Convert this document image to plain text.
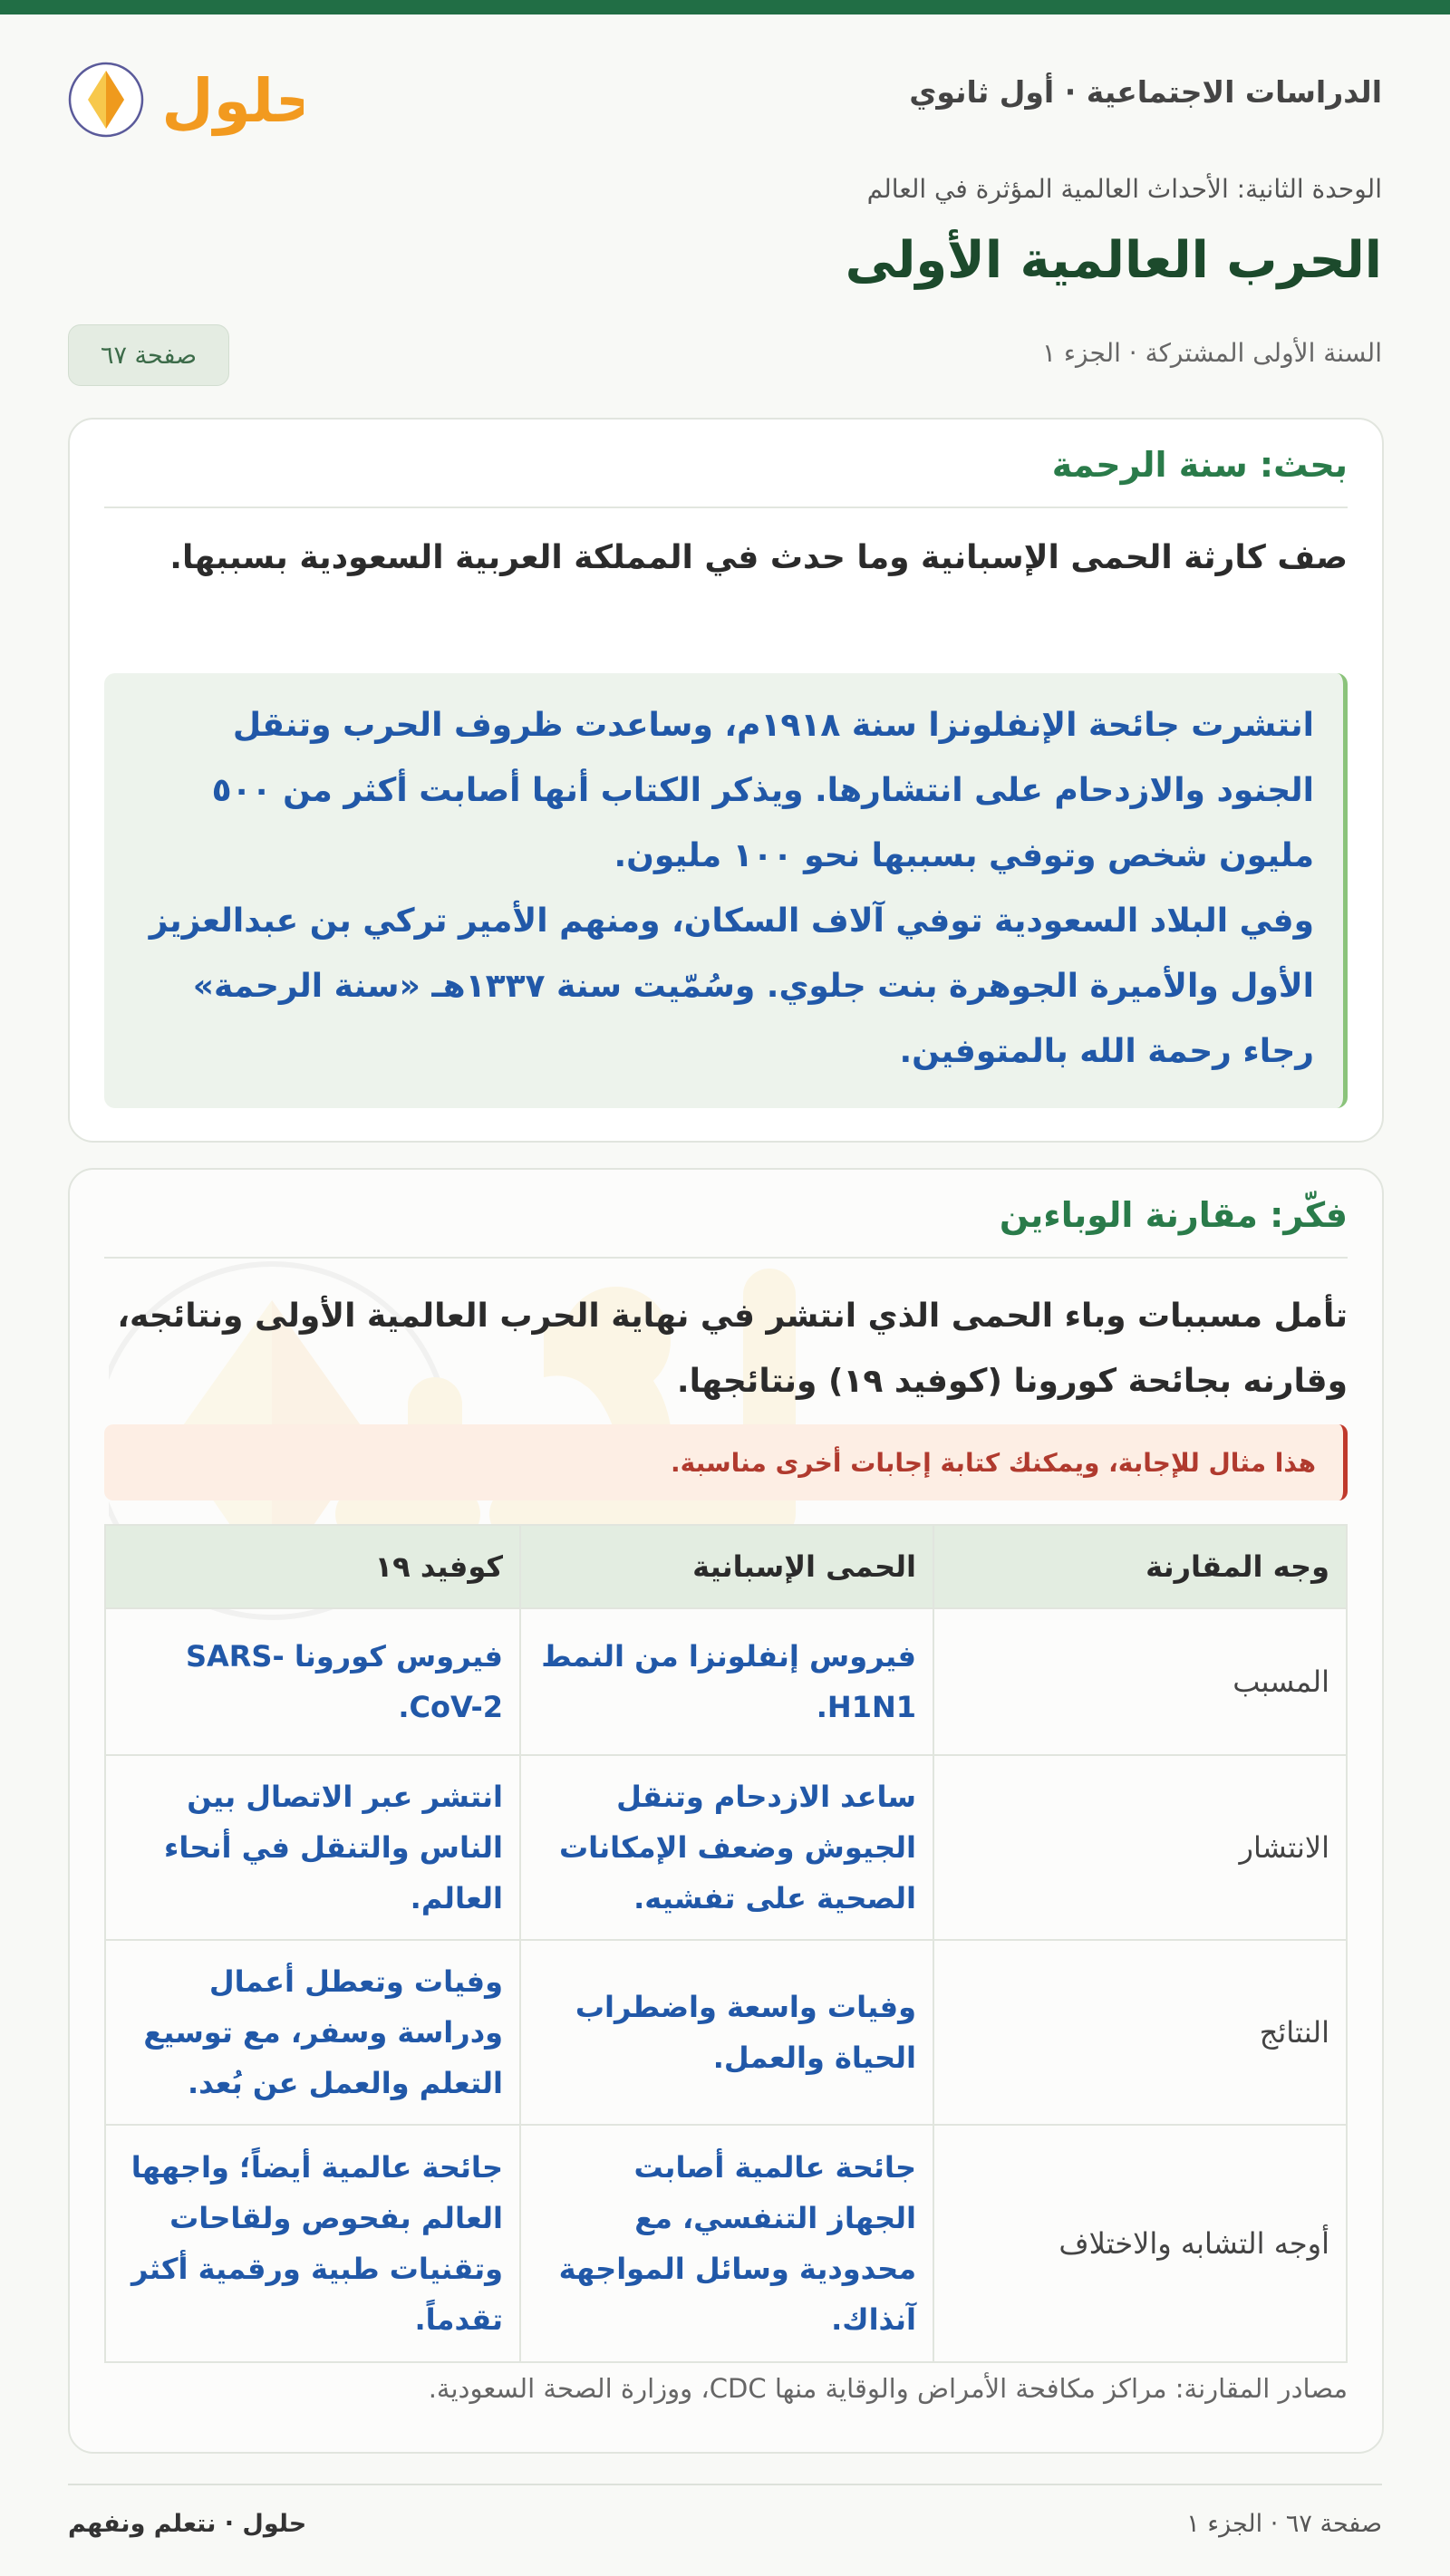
الدراسات الاجتماعية · أول ثانوي
حلول
الوحدة الثانية: الأحداث العالمية المؤثرة في العالم
الحرب العالمية الأولى
السنة الأولى المشتركة · الجزء ١
صفحة ٦٧
بحث: سنة الرحمة
صف كارثة الحمى الإسبانية وما حدث في المملكة العربية السعودية بسببها.

انتشرت جائحة الإنفلونزا سنة ١٩١٨م، وساعدت ظروف الحرب وتنقل الجنود والازدحام على انتشارها. ويذكر الكتاب أنها أصابت أكثر من ٥٠٠ مليون شخص وتوفي بسببها نحو ١٠٠ مليون.

وفي البلاد السعودية توفي آلاف السكان، ومنهم الأمير تركي بن عبدالعزيز الأول والأميرة الجوهرة بنت جلوي. وسُمّيت سنة ١٣٣٧هـ «سنة الرحمة» رجاء رحمة الله بالمتوفين.

فكّر: مقارنة الوباءين
تأمل مسببات وباء الحمى الذي انتشر في نهاية الحرب العالمية الأولى ونتائجه، وقارنه بجائحة كورونا (كوفيد ١٩) ونتائجها.
هذا مثال للإجابة، ويمكنك كتابة إجابات أخرى مناسبة.
وجه المقارنة	الحمى الإسبانية	كوفيد ١٩
المسبب	فيروس إنفلونزا من النمط H1N1.	فيروس كورونا SARS-CoV-2.
الانتشار	ساعد الازدحام وتنقل الجيوش وضعف الإمكانات الصحية على تفشيه.	انتشر عبر الاتصال بين الناس والتنقل في أنحاء العالم.
النتائج	وفيات واسعة واضطراب الحياة والعمل.	وفيات وتعطل أعمال ودراسة وسفر، مع توسيع التعلم والعمل عن بُعد.
أوجه التشابه والاختلاف	جائحة عالمية أصابت الجهاز التنفسي، مع محدودية وسائل المواجهة آنذاك.	جائحة عالمية أيضاً؛ واجهها العالم بفحوص ولقاحات وتقنيات طبية ورقمية أكثر تقدماً.
مصادر المقارنة: مراكز مكافحة الأمراض والوقاية منها CDC، ووزارة الصحة السعودية.
حلول · نتعلم ونفهم	صفحة ٦٧ · الجزء ١
